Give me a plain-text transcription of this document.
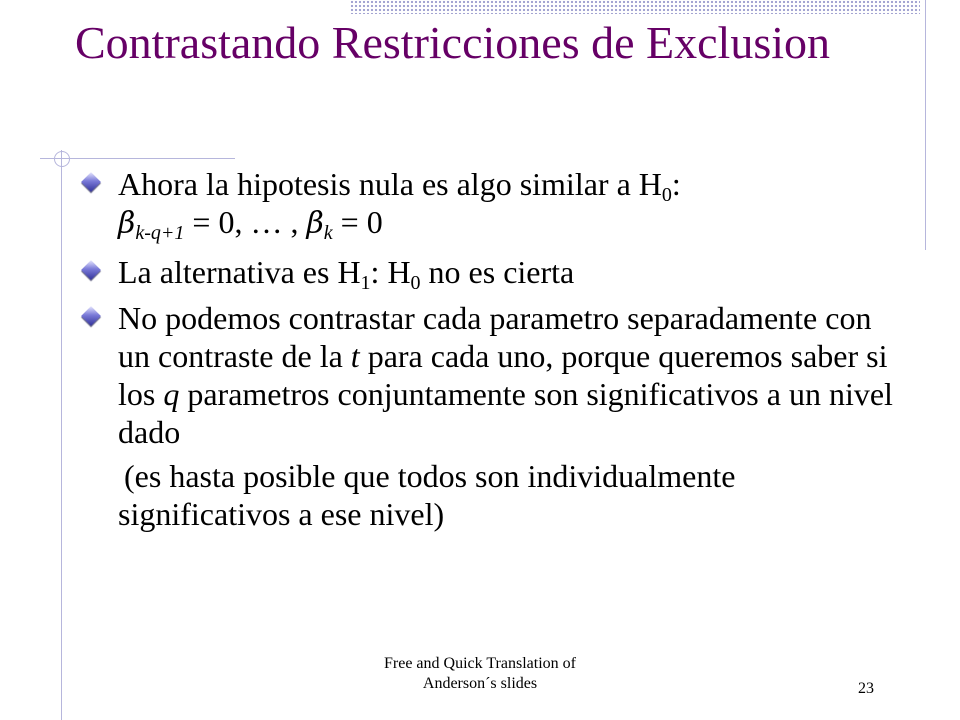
Contrastando Restricciones de Exclusion

Ahora la hipotesis nula es algo similar a $H_0$:
$\beta_{k-q+1} = 0$, … , $\beta_k = 0$

La alternativa es $H_1$: $H_0$ no es cierta

No podemos contrastar cada parametro separadamente con un contraste de la t para cada uno, porque queremos saber si los q parametros conjuntamente son significativos a un nivel dado

(es hasta posible que todos son individualmente significativos a ese nivel)
Free and Quick Translation of
Anderson´s slides	23
